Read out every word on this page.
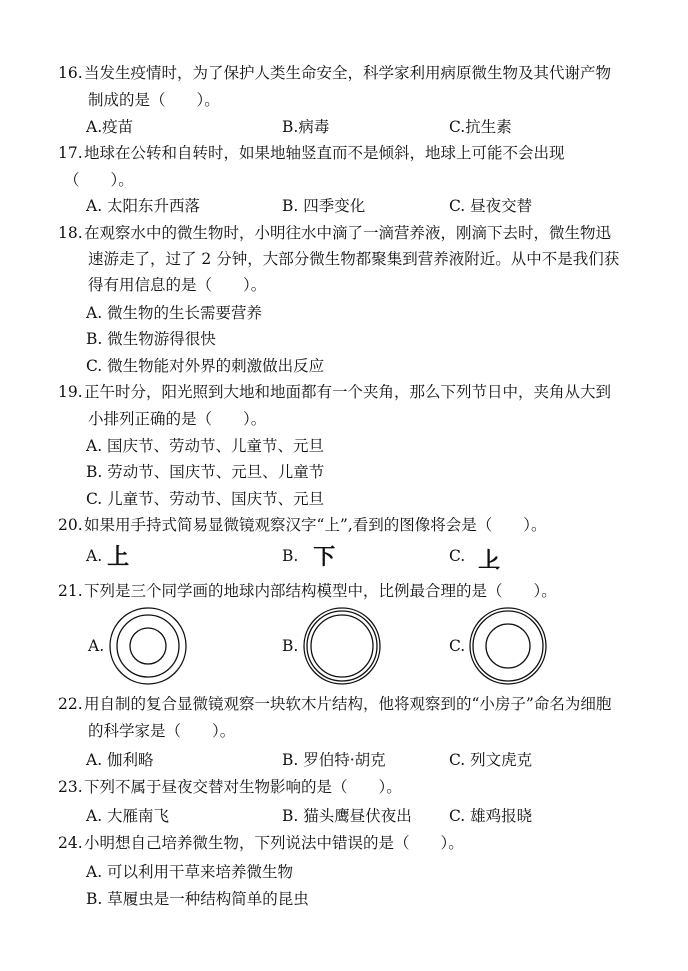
16.当发生疫情时，为了保护人类生命安全，科学家利用病原微生物及其代谢产物
制成的是（　　）。
A.疫苗	B.病毒	C.抗生素
17.地球在公转和自转时，如果地轴竖直而不是倾斜，地球上可能不会出现
（　　）。
A. 太阳东升西落	B. 四季变化	C. 昼夜交替
18.在观察水中的微生物时，小明往水中滴了一滴营养液，刚滴下去时，微生物迅
速游走了，过了 2 分钟，大部分微生物都聚集到营养液附近。从中不是我们获
得有用信息的是（　　）。
A. 微生物的生长需要营养
B. 微生物游得很快
C. 微生物能对外界的刺激做出反应
19.正午时分，阳光照到大地和地面都有一个夹角，那么下列节日中，夹角从大到
小排列正确的是（　　）。
A. 国庆节、劳动节、儿童节、元旦
B. 劳动节、国庆节、元旦、儿童节
C. 儿童节、劳动节、国庆节、元旦
20.如果用手持式简易显微镜观察汉字“上”,看到的图像将会是（　　）。
A. 上	B. 下	C. 下
21.下列是三个同学画的地球内部结构模型中，比例最合理的是（　　）。
A.	B.	C.
22.用自制的复合显微镜观察一块软木片结构，他将观察到的“小房子”命名为细胞
的科学家是（　　）。
A. 伽利略	B. 罗伯特·胡克	C. 列文虎克
23.下列不属于昼夜交替对生物影响的是（　　）。
A. 大雁南飞	B. 猫头鹰昼伏夜出 C. 雄鸡报晓
24.小明想自己培养微生物，下列说法中错误的是（　　）。
A. 可以利用干草来培养微生物
B. 草履虫是一种结构简单的昆虫
